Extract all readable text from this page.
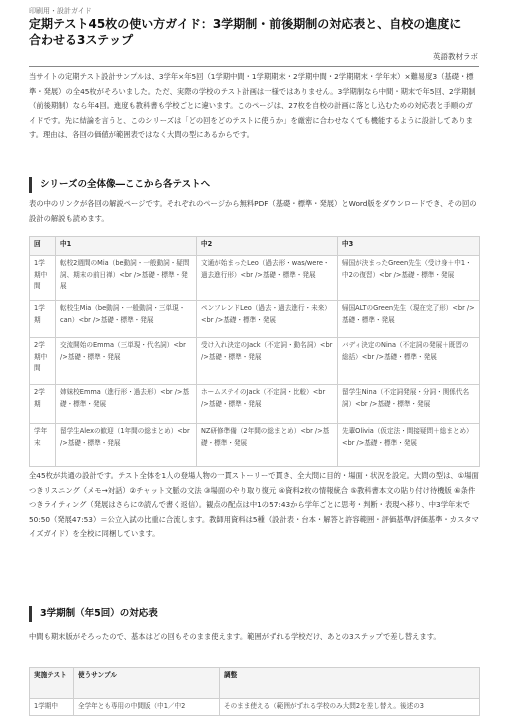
印刷用・設計ガイド
定期テスト45枚の使い方ガイド：3学期制・前後期制の対応表と、自校の進度に合わせる3ステップ
英語教材ラボ

当サイトの定期テスト設計サンプルは、3学年×年5回（1学期中間・1学期期末・2学期中間・2学期期末・学年末）×難易度3（基礎・標準・発展）の全45枚がそろいました。ただ、実際の学校のテスト計画は一様ではありません。3学期制なら中間・期末で年5回、2学期制（前後期制）なら年4回。進度も教科書も学校ごとに違います。このページは、27枚を自校の計画に落とし込むための対応表と手順のガイドです。先に結論を言うと、このシリーズは「どの回をどのテストに使うか」を厳密に合わせなくても機能するように設計してあります。理由は、各回の価値が範囲表ではなく大問の型にあるからです。

シリーズの全体像―ここから各テストへ

表の中のリンクが各回の解説ページです。それぞれのページから無料PDF（基礎・標準・発展）とWord版をダウンロードでき、その回の設計の解説も読めます。

回	中1	中2	中3
1学期中間	転校2週間のMia（be動詞・一般動詞・疑問詞、期末の前日禅）<br />基礎・標準・発展	文通が始まったLeo（過去形・was/were・過去進行形）<br />基礎・標準・発展	帰国が決まったGreen先生（受け身＋中1・中2の復習）<br />基礎・標準・発展
1学期	転校生Mia（be動詞・一般動詞・三単現・can）<br />基礎・標準・発展	ペンフレンドLeo（過去・過去進行・未来）<br />基礎・標準・発展	帰国ALTのGreen先生（現在完了形）<br />基礎・標準・発展
2学期中間	交流開始のEmma（三単現・代名詞）<br />基礎・標準・発展	受け入れ決定のJack（不定詞・動名詞）<br />基礎・標準・発展	バディ決定のNina（不定詞の発展＋既習の総括）<br />基礎・標準・発展
2学期	姉妹校Emma（進行形・過去形）<br />基礎・標準・発展	ホームステイのJack（不定詞・比較）<br />基礎・標準・発展	留学生Nina（不定詞発展・分詞・関係代名詞）<br />基礎・標準・発展
学年末	留学生Alexの歓迎（1年間の総まとめ）<br />基礎・標準・発展	NZ研修準備（2年間の総まとめ）<br />基礎・標準・発展	先輩Olivia（仮定法・間接疑問＋総まとめ）<br />基礎・標準・発展

全45枚が共通の設計です。テスト全体を1人の登場人物の一貫ストーリーで貫き、全大問に目的・場面・状況を設定。大問の型は、①場面つきリスニング（メモ→対話）②チャット文脈の文法 ③場面のやり取り復元 ④資料2枚の情報統合 ⑤教科書本文の貼り付け待機版 ⑥条件つきライティング（発展はさらに⑦読んで書く返信）。観点の配点は中1の57:43から学年ごとに思考・判断・表現へ移り、中3学年末で50:50（発展47:53）＝公立入試の比重に合流します。教師用資料は5種（設計表・台本・解答と許容範囲・評価基準/評価基準・カスタマイズガイド）を全校に同梱しています。

3学期制（年5回）の対応表

中間も期末版がそろったので、基本はどの回もそのまま使えます。範囲がずれる学校だけ、あとの3ステップで差し替えます。

実施テスト	使うサンプル	調整
1学期中	全学年とも専用の中間版（中1／中2	そのまま使える（範囲がずれる学校のみ大問2を差し替え。後述の3
